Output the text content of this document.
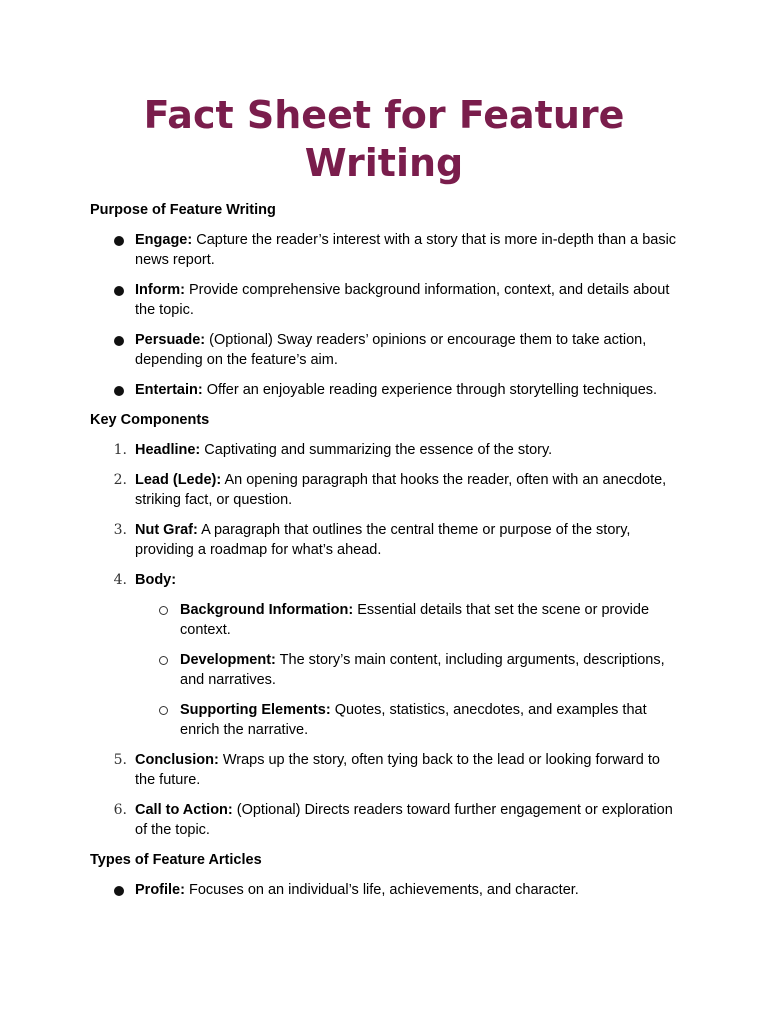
Fact Sheet for Feature Writing

Purpose of Feature Writing

Engage: Capture the reader’s interest with a story that is more in-depth than a basic news report.
Inform: Provide comprehensive background information, context, and details about the topic.
Persuade: (Optional) Sway readers’ opinions or encourage them to take action, depending on the feature’s aim.
Entertain: Offer an enjoyable reading experience through storytelling techniques.

Key Components

1. Headline: Captivating and summarizing the essence of the story.
2. Lead (Lede): An opening paragraph that hooks the reader, often with an anecdote, striking fact, or question.
3. Nut Graf: A paragraph that outlines the central theme or purpose of the story, providing a roadmap for what’s ahead.
4. Body:
Background Information: Essential details that set the scene or provide context.
Development: The story’s main content, including arguments, descriptions, and narratives.
Supporting Elements: Quotes, statistics, anecdotes, and examples that enrich the narrative.
5. Conclusion: Wraps up the story, often tying back to the lead or looking forward to the future.
6. Call to Action: (Optional) Directs readers toward further engagement or exploration of the topic.

Types of Feature Articles

Profile: Focuses on an individual’s life, achievements, and character.
